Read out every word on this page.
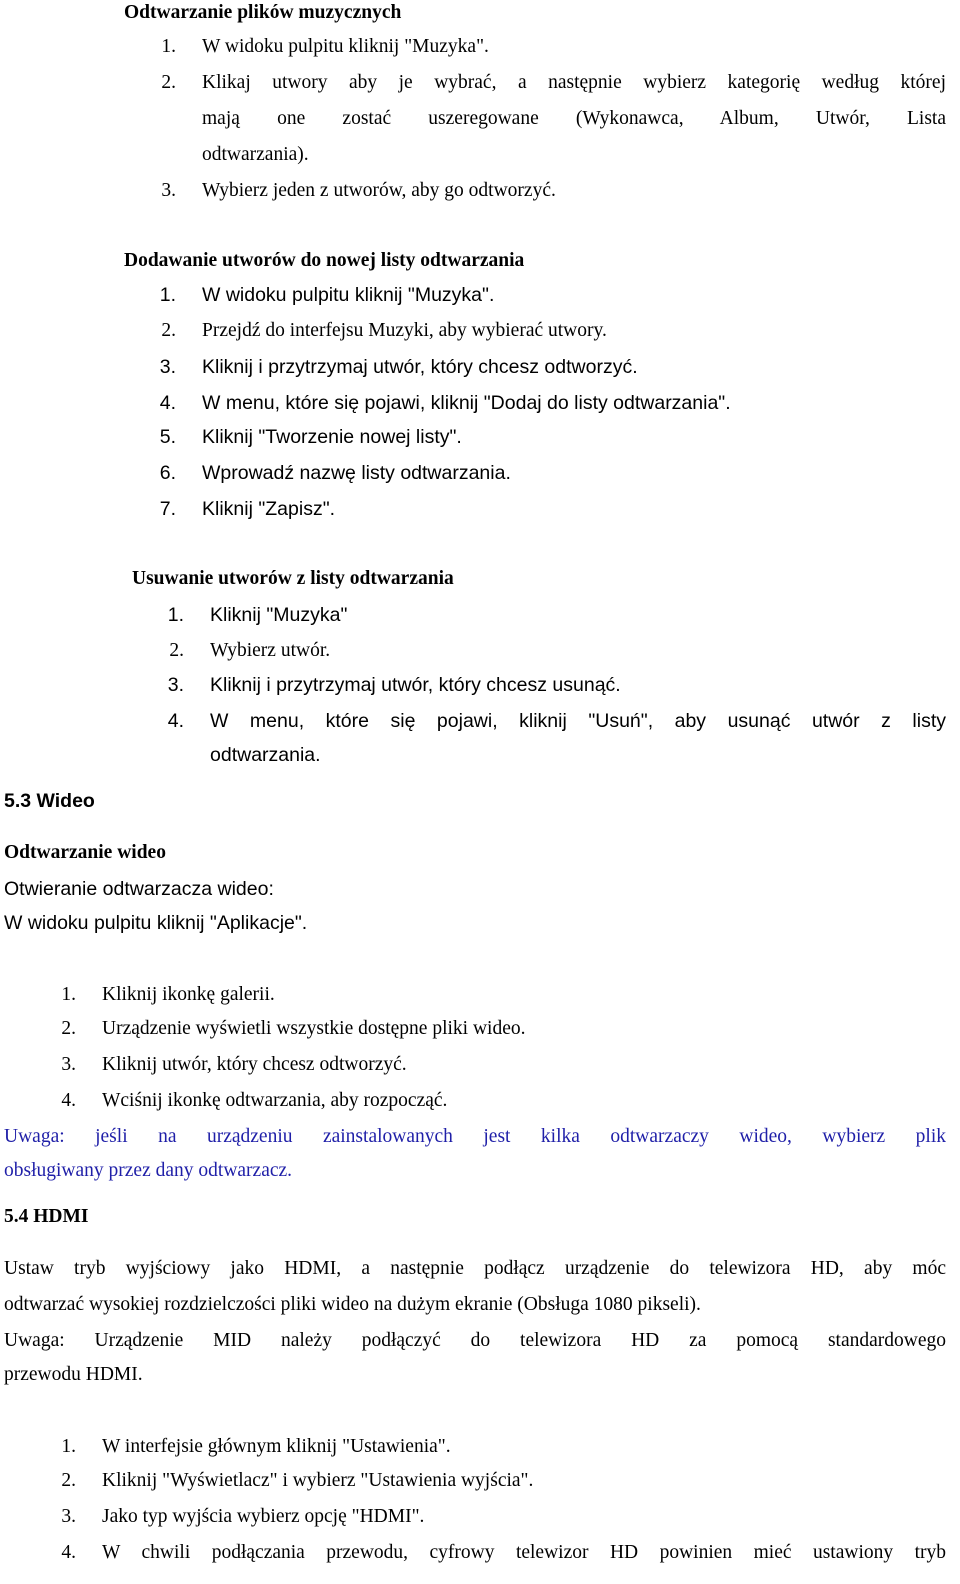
Odtwarzanie plików muzycznych
1. W widoku pulpitu kliknij "Muzyka".
2. Klikaj utwory aby je wybrać, a następnie wybierz kategorię według której
mają one zostać uszeregowane (Wykonawca, Album, Utwór, Lista
odtwarzania).
3. Wybierz jeden z utworów, aby go odtworzyć.
Dodawanie utworów do nowej listy odtwarzania
1. W widoku pulpitu kliknij "Muzyka".
2. Przejdź do interfejsu Muzyki, aby wybierać utwory.
3. Kliknij i przytrzymaj utwór, który chcesz odtworzyć.
4. W menu, które się pojawi, kliknij "Dodaj do listy odtwarzania".
5. Kliknij "Tworzenie nowej listy".
6. Wprowadź nazwę listy odtwarzania.
7. Kliknij "Zapisz".
Usuwanie utworów z listy odtwarzania
1. Kliknij "Muzyka"
2. Wybierz utwór.
3. Kliknij i przytrzymaj utwór, który chcesz usunąć.
4. W menu, które się pojawi, kliknij "Usuń", aby usunąć utwór z listy
odtwarzania.
5.3 Wideo
Odtwarzanie wideo
Otwieranie odtwarzacza wideo:
W widoku pulpitu kliknij "Aplikacje".
1. Kliknij ikonkę galerii.
2. Urządzenie wyświetli wszystkie dostępne pliki wideo.
3. Kliknij utwór, który chcesz odtworzyć.
4. Wciśnij ikonkę odtwarzania, aby rozpocząć.
Uwaga: jeśli na urządzeniu zainstalowanych jest kilka odtwarzaczy wideo, wybierz plik
obsługiwany przez dany odtwarzacz.
5.4 HDMI
Ustaw tryb wyjściowy jako HDMI, a następnie podłącz urządzenie do telewizora HD, aby móc
odtwarzać wysokiej rozdzielczości pliki wideo na dużym ekranie (Obsługa 1080 pikseli).
Uwaga: Urządzenie MID należy podłączyć do telewizora HD za pomocą standardowego
przewodu HDMI.
1. W interfejsie głównym kliknij "Ustawienia".
2. Kliknij "Wyświetlacz" i wybierz "Ustawienia wyjścia".
3. Jako typ wyjścia wybierz opcję "HDMI".
4. W chwili podłączania przewodu, cyfrowy telewizor HD powinien mieć ustawiony tryb
